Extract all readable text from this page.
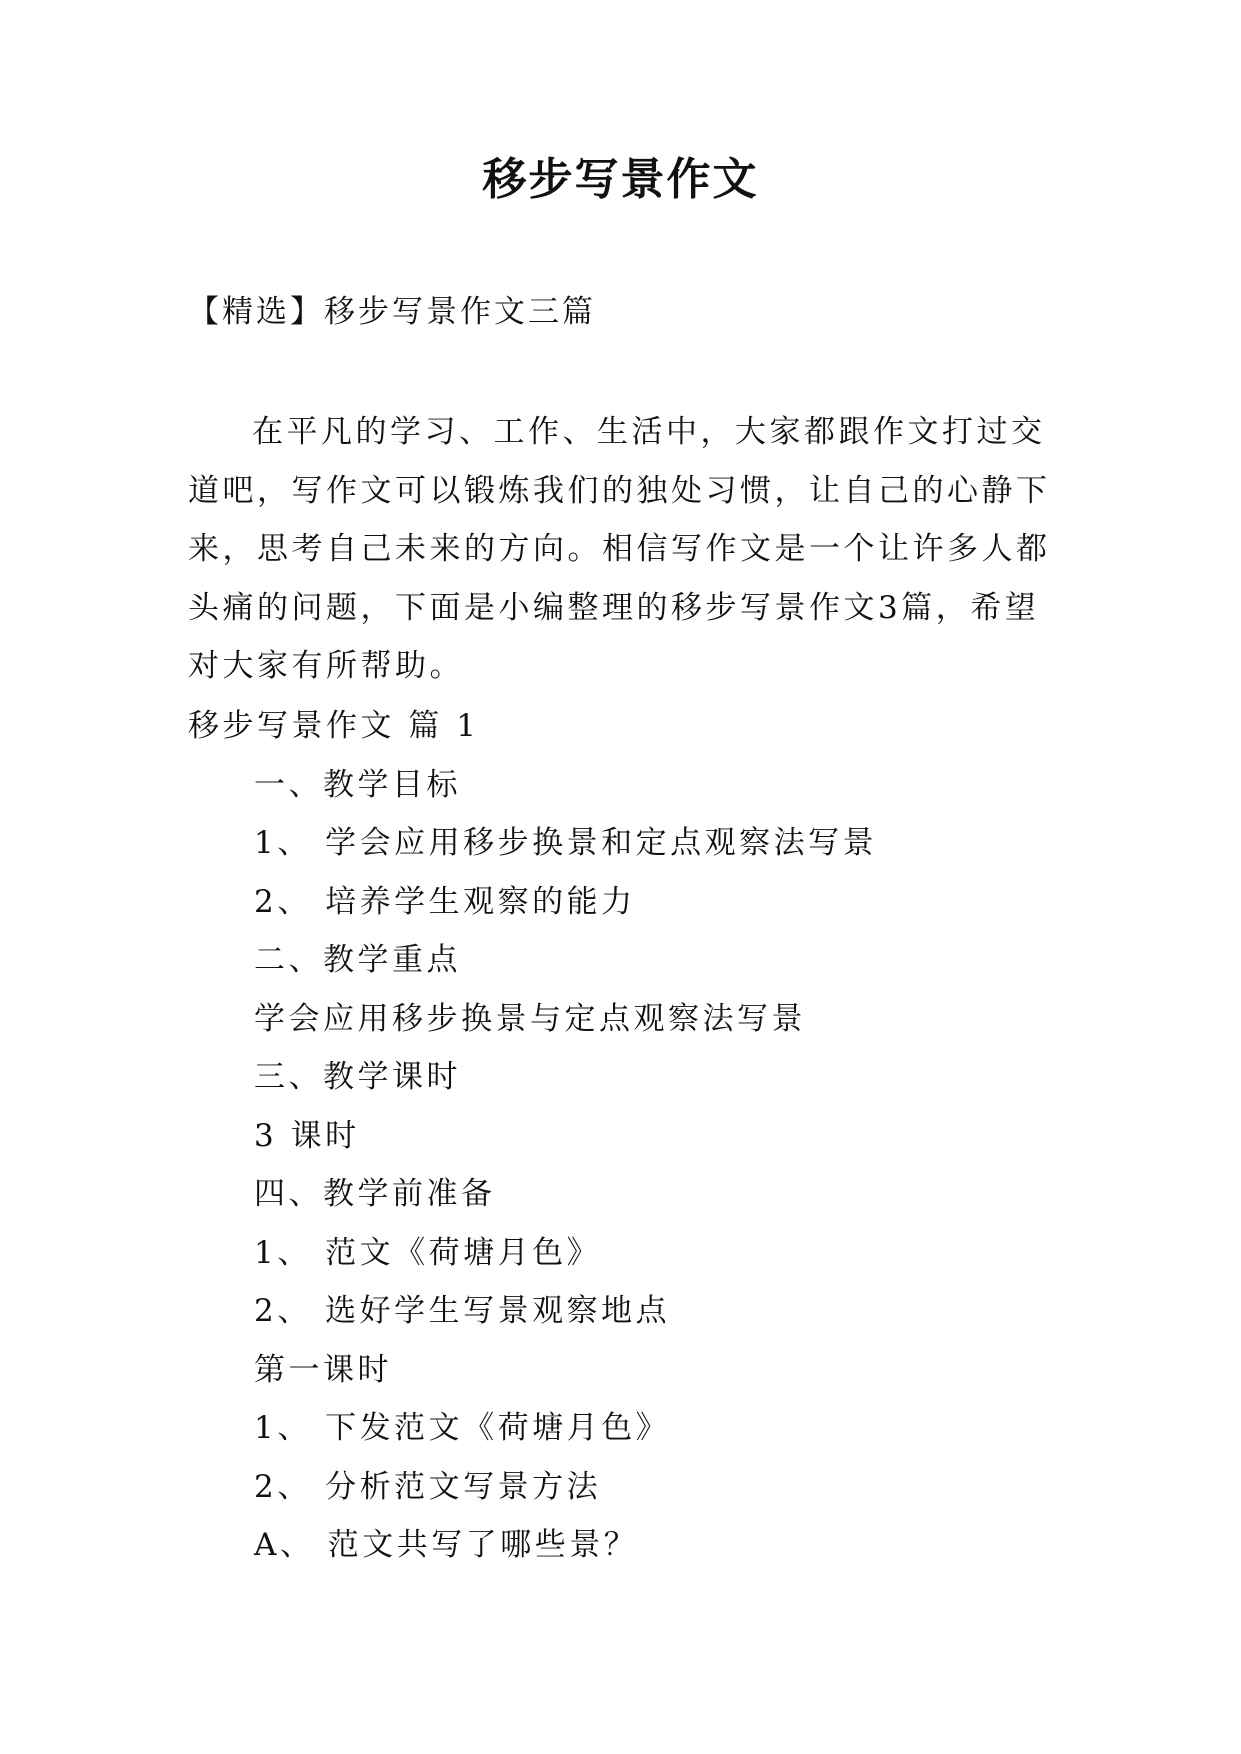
移步写景作文
【精选】移步写景作文三篇

在平凡的学习、工作、生活中，大家都跟作文打过交道吧，写作文可以锻炼我们的独处习惯，让自己的心静下来，思考自己未来的方向。相信写作文是一个让许多人都头痛的问题，下面是小编整理的移步写景作文3篇，希望对大家有所帮助。

移步写景作文 篇 1
一、教学目标
1、 学会应用移步换景和定点观察法写景
2、 培养学生观察的能力
二、教学重点
学会应用移步换景与定点观察法写景
三、教学课时
3 课时
四、教学前准备
1、 范文《荷塘月色》
2、 选好学生写景观察地点
第一课时
1、 下发范文《荷塘月色》
2、 分析范文写景方法
A、 范文共写了哪些景？
